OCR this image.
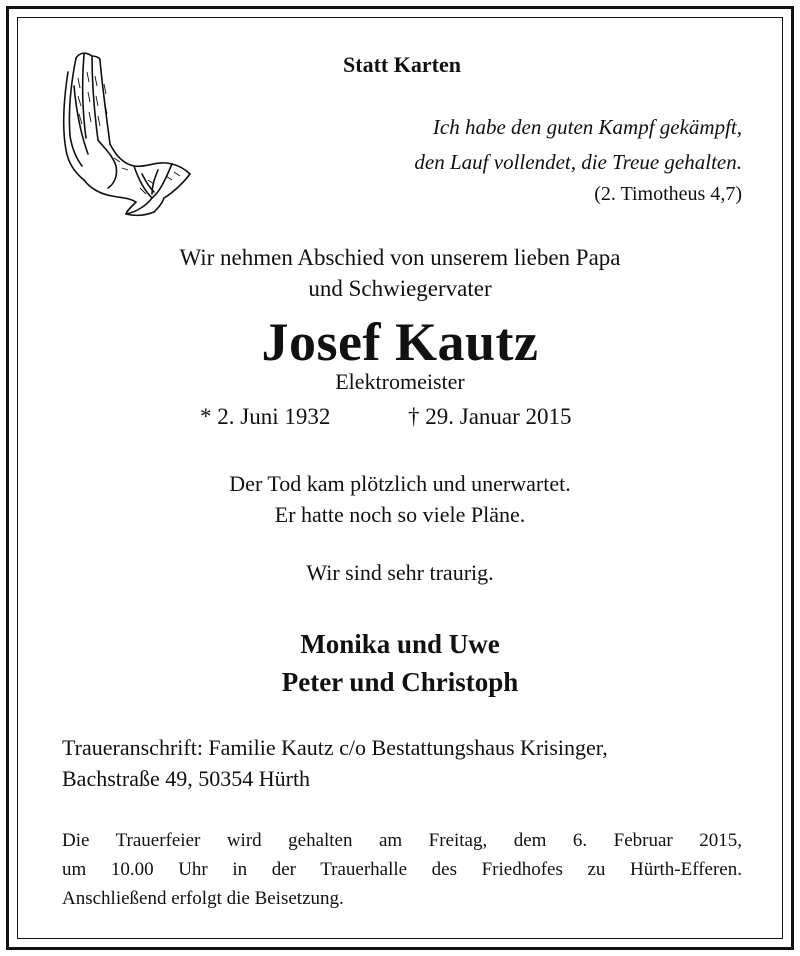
Statt Karten
Ich habe den guten Kampf gekämpft,
den Lauf vollendet, die Treue gehalten.
(2. Timotheus 4,7)
Wir nehmen Abschied von unserem lieben Papa
und Schwiegervater
Josef Kautz
Elektromeister
* 2. Juni 1932	† 29. Januar 2015
Der Tod kam plötzlich und unerwartet.
Er hatte noch so viele Pläne.
Wir sind sehr traurig.
Monika und Uwe
Peter und Christoph
Traueranschrift: Familie Kautz c/o Bestattungshaus Krisinger,
Bachstraße 49, 50354 Hürth
Die Trauerfeier wird gehalten am Freitag, dem 6. Februar 2015,
um 10.00 Uhr in der Trauerhalle des Friedhofes zu Hürth-Efferen.
Anschließend erfolgt die Beisetzung.
